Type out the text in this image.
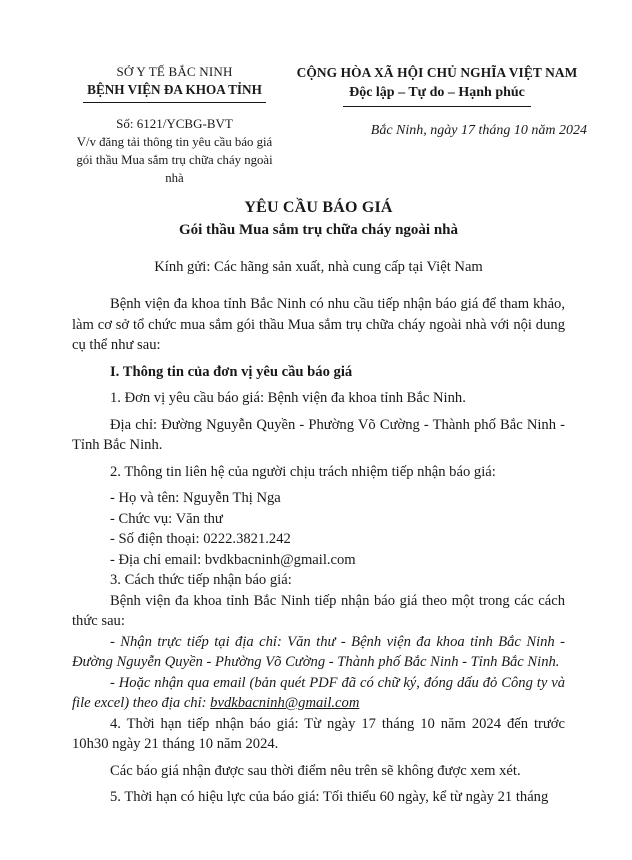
SỞ Y TẾ BẮC NINH
BỆNH VIỆN ĐA KHOA TỈNH
Số: 6121/YCBG-BVT
V/v đăng tải thông tin yêu cầu báo giá gói thầu Mua sắm trụ chữa cháy ngoài nhà
CỘNG HÒA XÃ HỘI CHỦ NGHĨA VIỆT NAM
Độc lập – Tự do – Hạnh phúc
Bắc Ninh, ngày 17 tháng 10 năm 2024
YÊU CẦU BÁO GIÁ
Gói thầu Mua sắm trụ chữa cháy ngoài nhà
Kính gửi: Các hãng sản xuất, nhà cung cấp tại Việt Nam

Bệnh viện đa khoa tỉnh Bắc Ninh có nhu cầu tiếp nhận báo giá để tham khảo, làm cơ sở tổ chức mua sắm gói thầu Mua sắm trụ chữa cháy ngoài nhà với nội dung cụ thể như sau:

I. Thông tin của đơn vị yêu cầu báo giá

1. Đơn vị yêu cầu báo giá: Bệnh viện đa khoa tỉnh Bắc Ninh.

Địa chỉ: Đường Nguyễn Quyền - Phường Võ Cường - Thành phố Bắc Ninh - Tỉnh Bắc Ninh.

2. Thông tin liên hệ của người chịu trách nhiệm tiếp nhận báo giá:

- Họ và tên: Nguyễn Thị Nga

- Chức vụ: Văn thư

- Số điện thoại: 0222.3821.242

- Địa chỉ email: bvdkbacninh@gmail.com

3. Cách thức tiếp nhận báo giá:

Bệnh viện đa khoa tỉnh Bắc Ninh tiếp nhận báo giá theo một trong các cách thức sau:

- Nhận trực tiếp tại địa chỉ: Văn thư - Bệnh viện đa khoa tỉnh Bắc Ninh - Đường Nguyễn Quyền - Phường Võ Cường - Thành phố Bắc Ninh - Tỉnh Bắc Ninh.

- Hoặc nhận qua email (bản quét PDF đã có chữ ký, đóng dấu đỏ Công ty và file excel) theo địa chỉ: bvdkbacninh@gmail.com

4. Thời hạn tiếp nhận báo giá: Từ ngày 17 tháng 10 năm 2024 đến trước 10h30 ngày 21 tháng 10 năm 2024.

Các báo giá nhận được sau thời điểm nêu trên sẽ không được xem xét.

5. Thời hạn có hiệu lực của báo giá: Tối thiểu 60 ngày, kể từ ngày 21 tháng
